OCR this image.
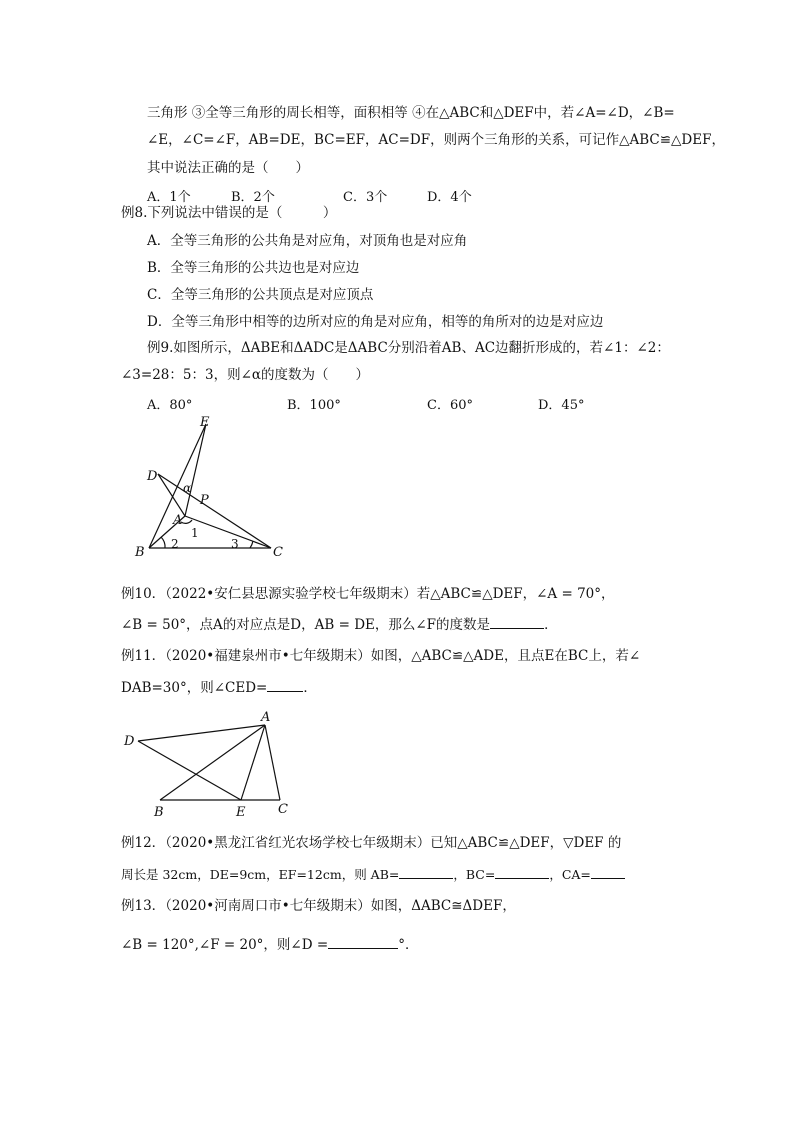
三角形 ③全等三角形的周长相等，面积相等 ④在△ABC和△DEF中，若∠A=∠D，∠B=
∠E，∠C=∠F，AB=DE，BC=EF，AC=DF，则两个三角形的关系，可记作△ABC≌△DEF，
其中说法正确的是（　　）
A．1个	B．2个	C．3个	D．4个
例8.下列说法中错误的是（　　　）
A．全等三角形的公共角是对应角，对顶角也是对应角
B．全等三角形的公共边也是对应边
C．全等三角形的公共顶点是对应顶点
D．全等三角形中相等的边所对应的角是对应角，相等的角所对的边是对应边
例9.如图所示，ΔABE和ΔADC是ΔABC分别沿着AB、AC边翻折形成的，若∠1：∠2：
∠3=28：5：3，则∠α的度数为（　　）
A．80°	B．100°	C．60°	D．45°
E
D
P
A
B	C
α
1
2	3
例10．（2022•安仁县思源实验学校七年级期末）若△ABC≌△DEF，∠A = 70°，
∠B = 50°，点A的对应点是D，AB = DE，那么∠F的度数是	．
例11．（2020•福建泉州市•七年级期末）如图，△ABC≌△ADE，且点E在BC上，若∠
DAB=30°，则∠CED=	．
A
D
B	E	C
例12．（2020•黑龙江省红光农场学校七年级期末）已知△ABC≌△DEF，▽DEF 的
周长是 32cm，DE=9cm，EF=12cm，则 AB=	，BC=	，CA=
例13．（2020•河南周口市•七年级期末）如图，ΔABC≅ΔDEF，
∠B = 120°,∠F = 20°，则∠D =	°．
